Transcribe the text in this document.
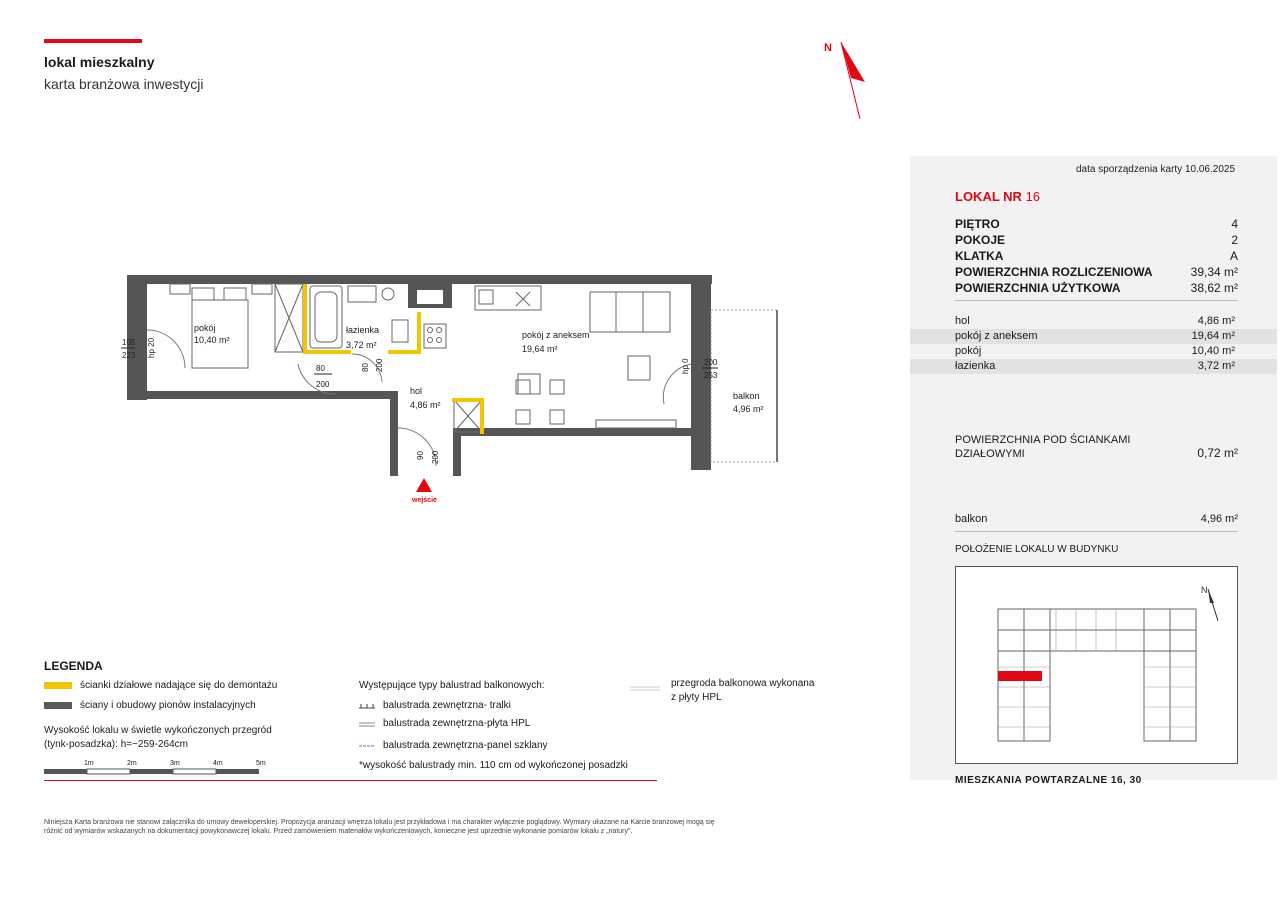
lokal mieszkalny
karta branżowa inwestycji
N
wejście
pokój
10,40 m²
łazienka
3,72 m²
pokój z aneksem
19,64 m²
hol
4,86 m²
balkon
4,96 m²
105
223 hp 20
80
200
80 200
90 200
200
253
hp 0
data sporządzenia karty 10.06.2025
LOKAL NR 16
PIĘTRO	4
POKOJE	2
KLATKA	A
POWIERZCHNIA ROZLICZENIOWA	39,34 m²
POWIERZCHNIA UŻYTKOWA	38,62 m²
hol	4,86 m²
pokój z aneksem	19,64 m²
pokój	10,40 m²
łazienka	3,72 m²
POWIERZCHNIA POD ŚCIANKAMI
DZIAŁOWYMI	0,72 m²
balkon	4,96 m²
POŁOŻENIE LOKALU W BUDYNKU
N
MIESZKANIA POWTARZALNE 16, 30
LEGENDA
ścianki działowe nadające się do demontażu
ściany i obudowy pionów instalacyjnych
Wysokość lokalu w świetle wykończonych przegród
(tynk-posadzka): h=~259-264cm
1m	2m	3m	4m	5m
Występujące typy balustrad balkonowych:
balustrada zewnętrzna- tralki
balustrada zewnętrzna-płyta HPL
balustrada zewnętrzna-panel szklany
*wysokość balustrady min. 110 cm od wykończonej posadzki
przegroda balkonowa wykonana
z płyty HPL
Niniejsza Karta branżowa nie stanowi załącznika do umowy deweloperskiej. Propozycja aranżacji wnętrza lokalu jest przykładowa i ma charakter wyłącznie poglądowy. Wymiary ukazane na Karcie branżowej mogą się
różnić od wymiarów wskazanych na dokumentacji powykonawczej lokalu. Przed zamówieniem materiałów wykończeniowych, konieczne jest uprzednie wykonanie pomiarów lokalu z „natury”.
